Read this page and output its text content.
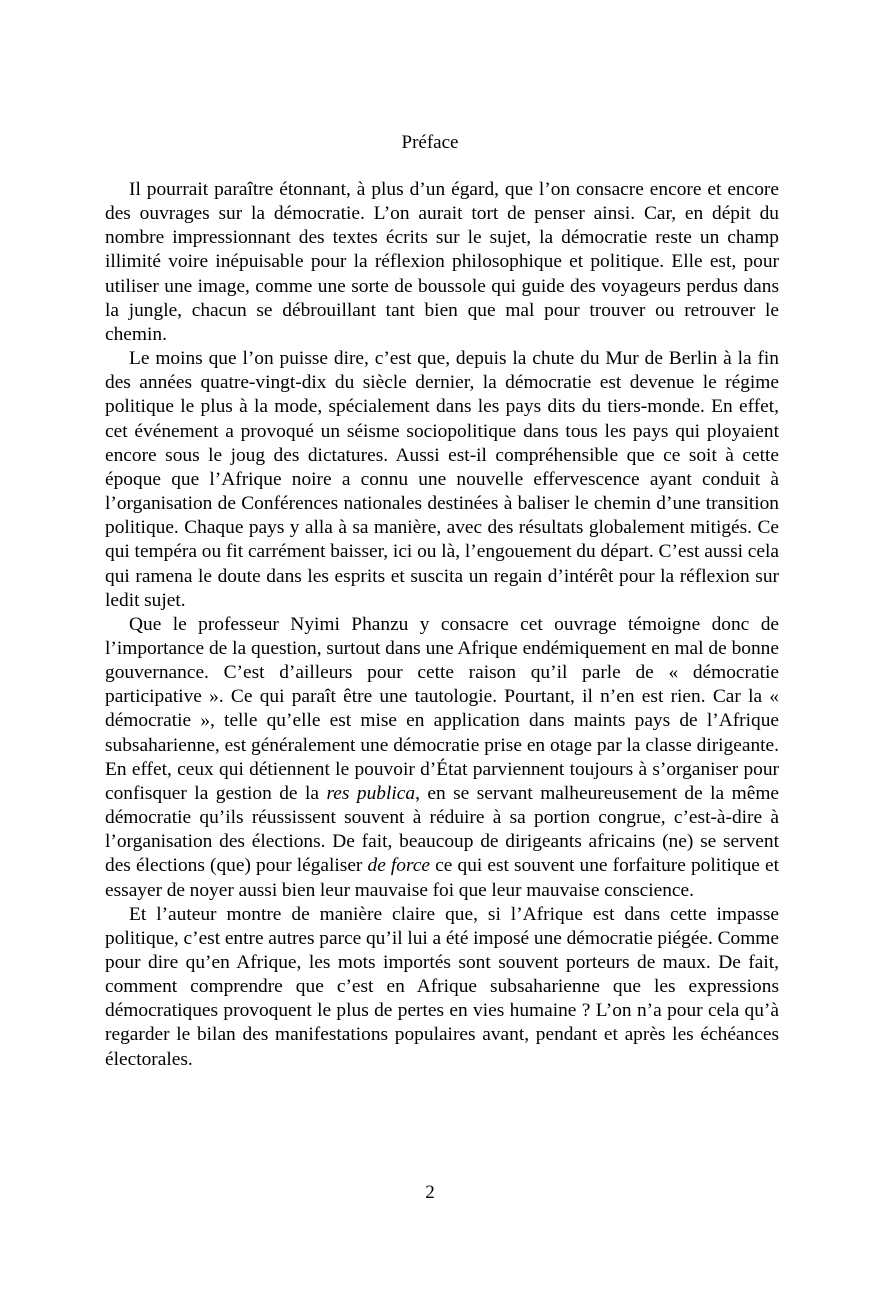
Préface

Il pourrait paraître étonnant, à plus d’un égard, que l’on consacre encore et encore des ouvrages sur la démocratie. L’on aurait tort de penser ainsi. Car, en dépit du nombre impressionnant des textes écrits sur le sujet, la démocratie reste un champ illimité voire inépuisable pour la réflexion philosophique et politique. Elle est, pour utiliser une image, comme une sorte de boussole qui guide des voyageurs perdus dans la jungle, chacun se débrouillant tant bien que mal pour trouver ou retrouver le chemin.

Le moins que l’on puisse dire, c’est que, depuis la chute du Mur de Berlin à la fin des années quatre-vingt-dix du siècle dernier, la démocratie est devenue le régime politique le plus à la mode, spécialement dans les pays dits du tiers-monde. En effet, cet événement a provoqué un séisme sociopolitique dans tous les pays qui ployaient encore sous le joug des dictatures. Aussi est-il compréhensible que ce soit à cette époque que l’Afrique noire a connu une nouvelle effervescence ayant conduit à l’organisation de Conférences nationales destinées à baliser le chemin d’une transition politique. Chaque pays y alla à sa manière, avec des résultats globalement mitigés. Ce qui tempéra ou fit carrément baisser, ici ou là, l’engouement du départ. C’est aussi cela qui ramena le doute dans les esprits et suscita un regain d’intérêt pour la réflexion sur ledit sujet.

Que le professeur Nyimi Phanzu y consacre cet ouvrage témoigne donc de l’importance de la question, surtout dans une Afrique endémiquement en mal de bonne gouvernance. C’est d’ailleurs pour cette raison qu’il parle de « démocratie participative ». Ce qui paraît être une tautologie. Pourtant, il n’en est rien. Car la « démocratie », telle qu’elle est mise en application dans maints pays de l’Afrique subsaharienne, est généralement une démocratie prise en otage par la classe dirigeante. En effet, ceux qui détiennent le pouvoir d’État parviennent toujours à s’organiser pour confisquer la gestion de la res publica, en se servant malheureusement de la même démocratie qu’ils réussissent souvent à réduire à sa portion congrue, c’est-à-dire à l’organisation des élections. De fait, beaucoup de dirigeants africains (ne) se servent des élections (que) pour légaliser de force ce qui est souvent une forfaiture politique et essayer de noyer aussi bien leur mauvaise foi que leur mauvaise conscience.

Et l’auteur montre de manière claire que, si l’Afrique est dans cette impasse politique, c’est entre autres parce qu’il lui a été imposé une démocratie piégée. Comme pour dire qu’en Afrique, les mots importés sont souvent porteurs de maux. De fait, comment comprendre que c’est en Afrique subsaharienne que les expressions démocratiques provoquent le plus de pertes en vies humaine ? L’on n’a pour cela qu’à regarder le bilan des manifestations populaires avant, pendant et après les échéances électorales.

2
